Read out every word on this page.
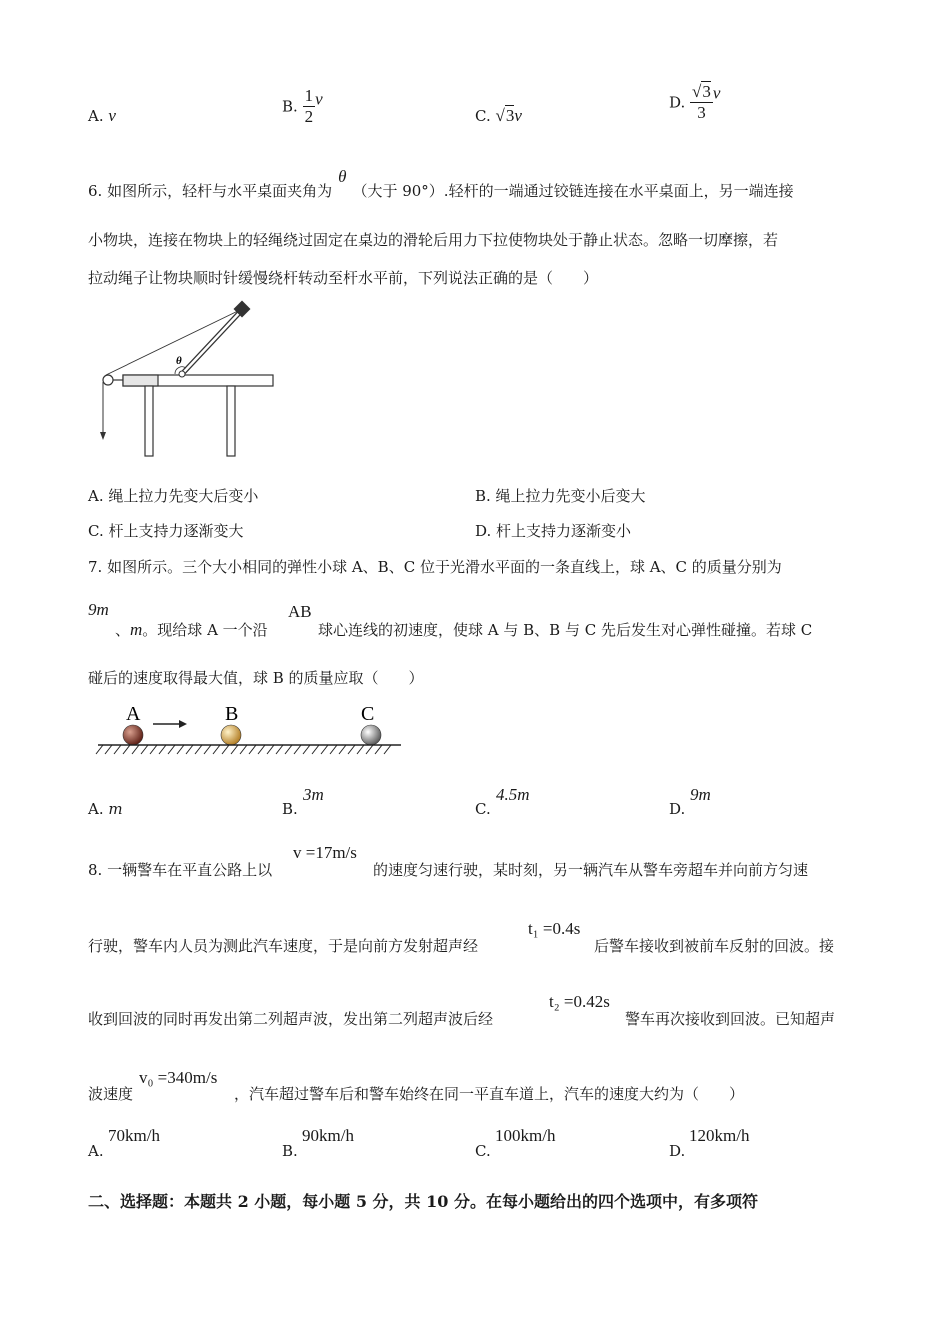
A. v	B. $\frac{1}{2}$ v
C. √3v
D. $\frac{√3}{3}$ v
6. 如图所示，轻杆与水平桌面夹角为θ（大于 90°）.轻杆的一端通过铰链连接在水平桌面上，另一端连接
小物块，连接在物块上的轻绳绕过固定在桌边的滑轮后用力下拉使物块处于静止状态。忽略一切摩擦，若
拉动绳子让物块顺时针缓慢绕杆转动至杆水平前，下列说法正确的是（　　）
θ
A. 绳上拉力先变大后变小	B. 绳上拉力先变小后变大
C. 杆上支持力逐渐变大	D. 杆上支持力逐渐变小
7. 如图所示。三个大小相同的弹性小球 A、B、C 位于光滑水平面的一条直线上，球 A、C 的质量分别为
9m
、m。现给球 A 一个沿
AB
球心连线的初速度，使球 A 与 B、B 与 C 先后发生对心弹性碰撞。若球 C
碰后的速度取得最大值，球 B 的质量应取（　　）
A	B	C
A. m	B.
3m
C.
4.5m
D.
9m
8. 一辆警车在平直公路上以
v =17m/s
的速度匀速行驶，某时刻，另一辆汽车从警车旁超车并向前方匀速
行驶，警车内人员为测此汽车速度，于是向前方发射超声经
t₁ =0.4s
后警车接收到被前车反射的回波。接
收到回波的同时再发出第二列超声波，发出第二列超声波后经
t₂ =0.42s
警车再次接收到回波。已知超声
波速度
v₀ =340m/s
，汽车超过警车后和警车始终在同一平直车道上，汽车的速度大约为（　　）
A.
70km/h
B.
90km/h
C.
100km/h
D.
120km/h
二、选择题：本题共 2 小题，每小题 5 分，共 10 分。在每小题给出的四个选项中，有多项符
